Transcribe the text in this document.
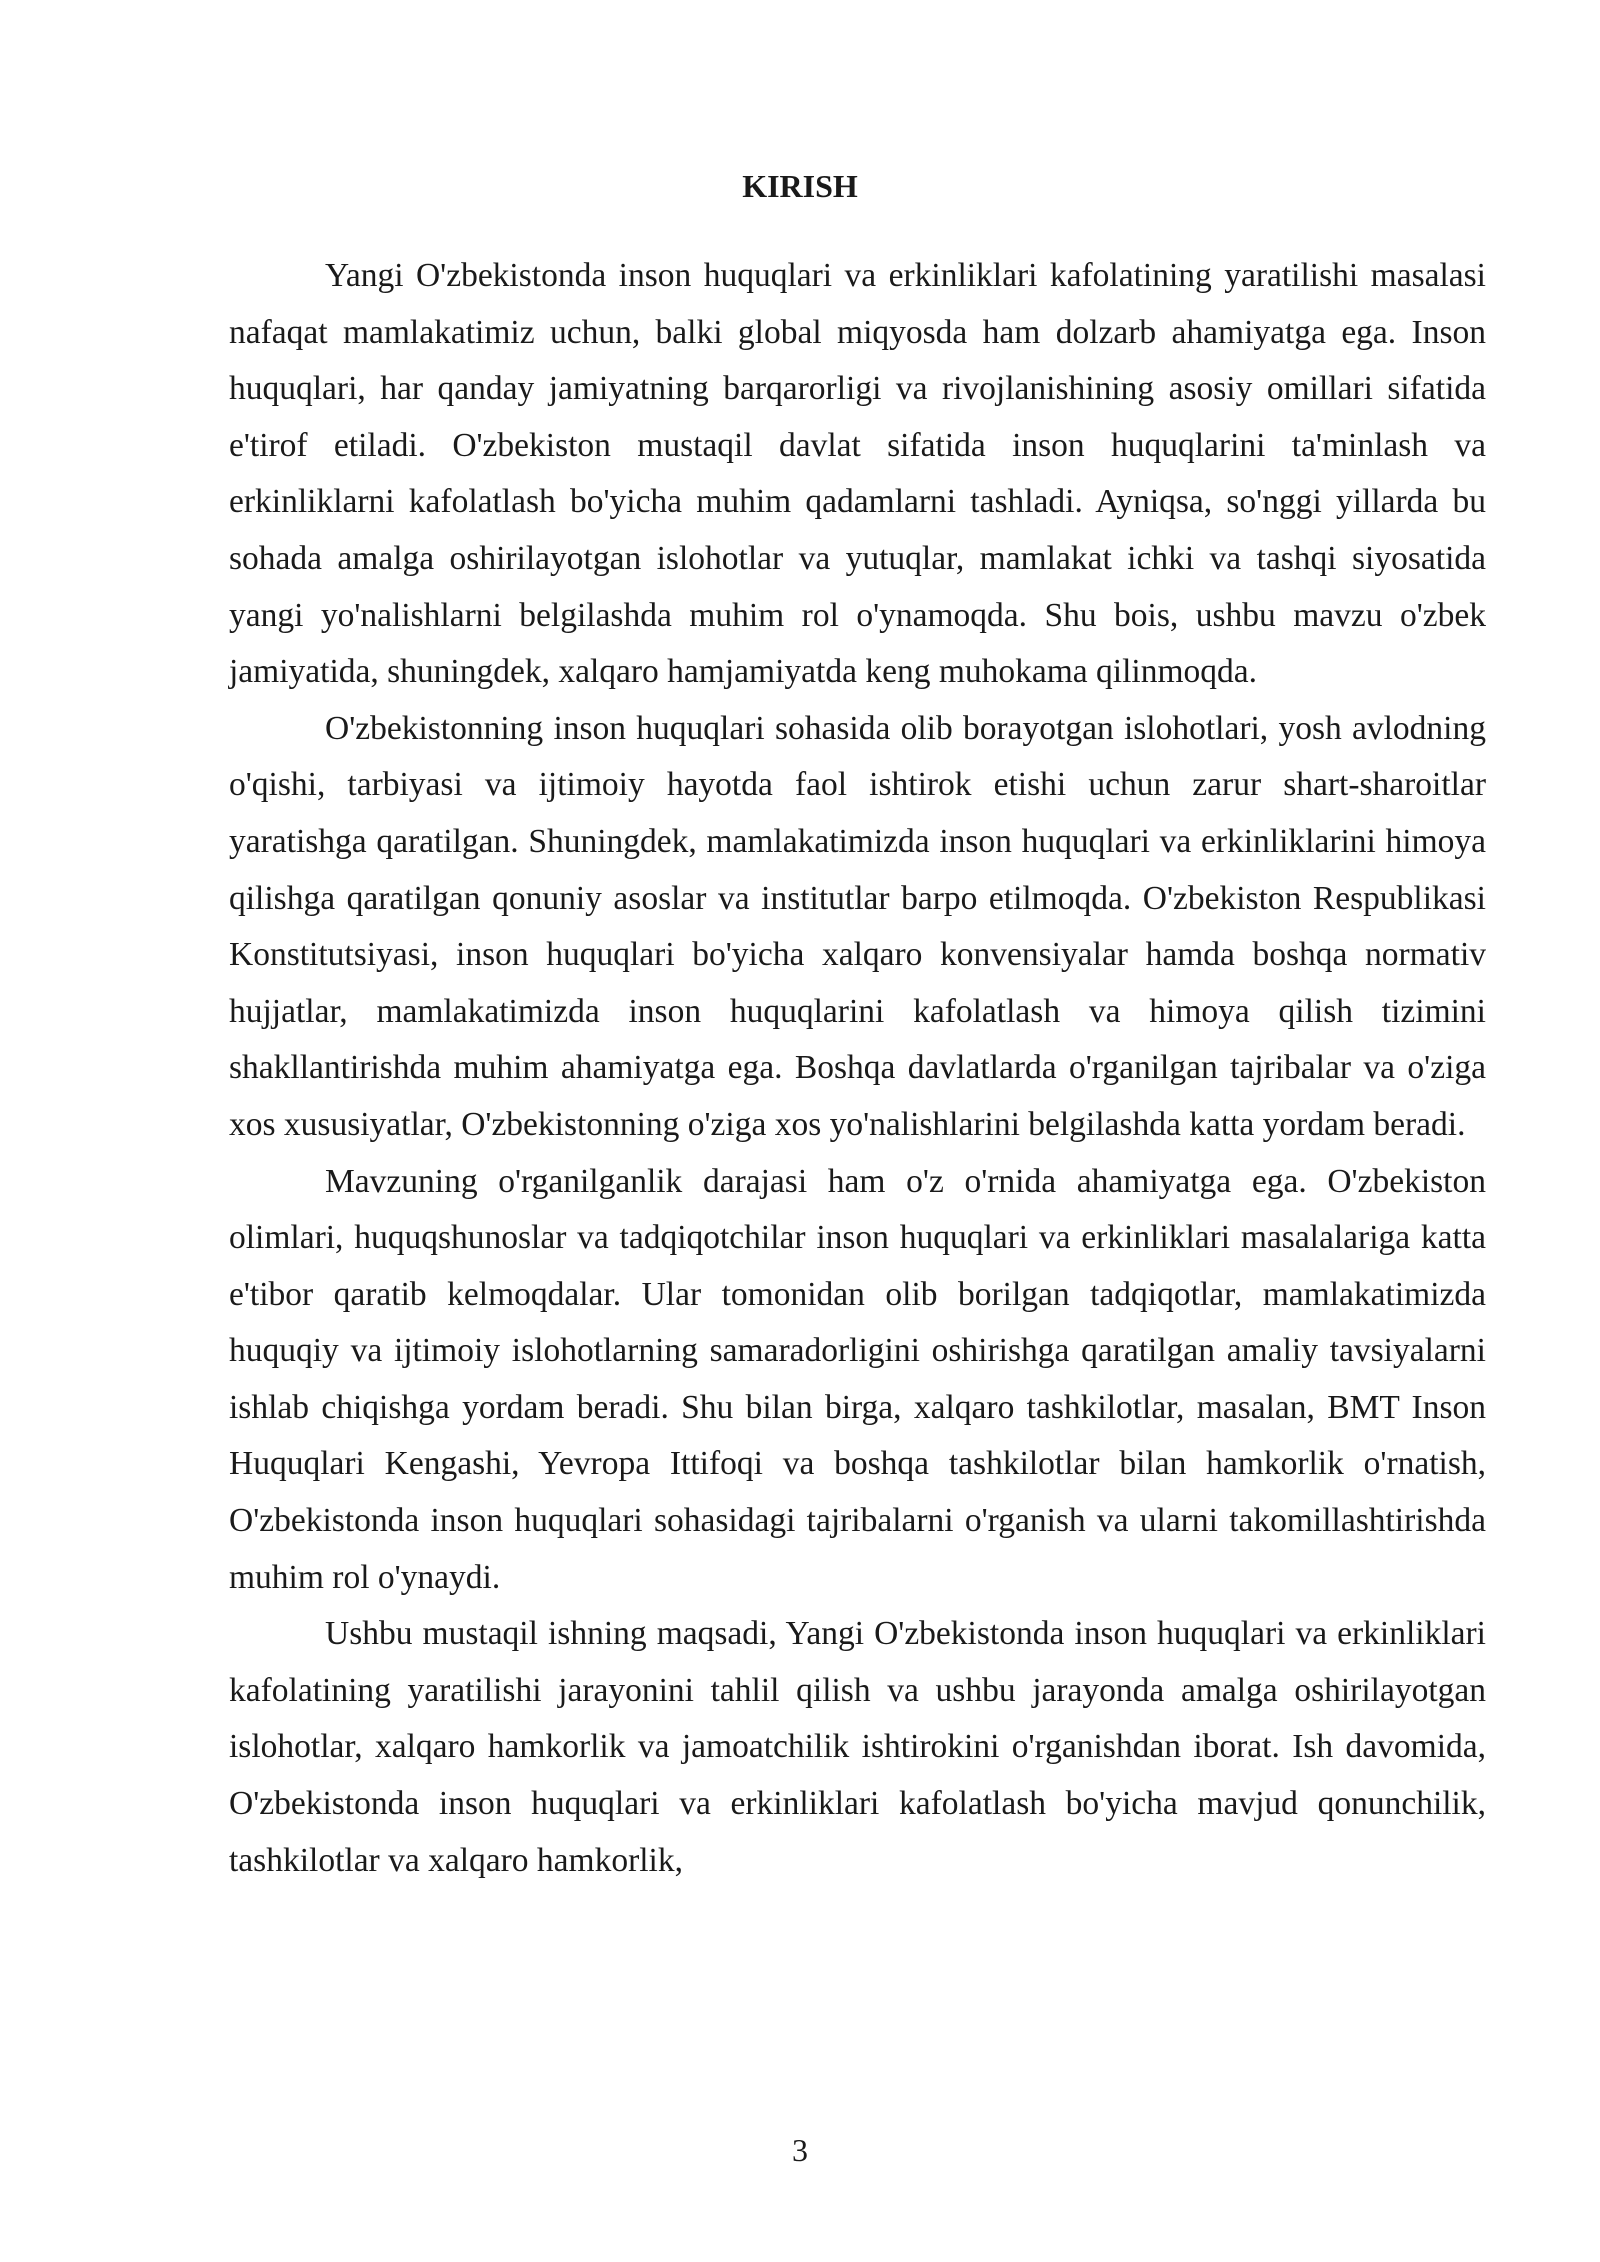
KIRISH

Yangi O'zbekistonda inson huquqlari va erkinliklari kafolatining yaratilishi masalasi nafaqat mamlakatimiz uchun, balki global miqyosda ham dolzarb ahamiyatga ega. Inson huquqlari, har qanday jamiyatning barqarorligi va rivojlanishining asosiy omillari sifatida e'tirof etiladi. O'zbekiston mustaqil davlat sifatida inson huquqlarini ta'minlash va erkinliklarni kafolatlash bo'yicha muhim qadamlarni tashladi. Ayniqsa, so'nggi yillarda bu sohada amalga oshirilayotgan islohotlar va yutuqlar, mamlakat ichki va tashqi siyosatida yangi yo'nalishlarni belgilashda muhim rol o'ynamoqda. Shu bois, ushbu mavzu o'zbek jamiyatida, shuningdek, xalqaro hamjamiyatda keng muhokama qilinmoqda.

O'zbekistonning inson huquqlari sohasida olib borayotgan islohotlari, yosh avlodning o'qishi, tarbiyasi va ijtimoiy hayotda faol ishtirok etishi uchun zarur shart-sharoitlar yaratishga qaratilgan. Shuningdek, mamlakatimizda inson huquqlari va erkinliklarini himoya qilishga qaratilgan qonuniy asoslar va institutlar barpo etilmoqda. O'zbekiston Respublikasi Konstitutsiyasi, inson huquqlari bo'yicha xalqaro konvensiyalar hamda boshqa normativ hujjatlar, mamlakatimizda inson huquqlarini kafolatlash va himoya qilish tizimini shakllantirishda muhim ahamiyatga ega. Boshqa davlatlarda o'rganilgan tajribalar va o'ziga xos xususiyatlar, O'zbekistonning o'ziga xos yo'nalishlarini belgilashda katta yordam beradi.

Mavzuning o'rganilganlik darajasi ham o'z o'rnida ahamiyatga ega. O'zbekiston olimlari, huquqshunoslar va tadqiqotchilar inson huquqlari va erkinliklari masalalariga katta e'tibor qaratib kelmoqdalar. Ular tomonidan olib borilgan tadqiqotlar, mamlakatimizda huquqiy va ijtimoiy islohotlarning samaradorligini oshirishga qaratilgan amaliy tavsiyalarni ishlab chiqishga yordam beradi. Shu bilan birga, xalqaro tashkilotlar, masalan, BMT Inson Huquqlari Kengashi, Yevropa Ittifoqi va boshqa tashkilotlar bilan hamkorlik o'rnatish, O'zbekistonda inson huquqlari sohasidagi tajribalarni o'rganish va ularni takomillashtirishda muhim rol o'ynaydi.

Ushbu mustaqil ishning maqsadi, Yangi O'zbekistonda inson huquqlari va erkinliklari kafolatining yaratilishi jarayonini tahlil qilish va ushbu jarayonda amalga oshirilayotgan islohotlar, xalqaro hamkorlik va jamoatchilik ishtirokini o'rganishdan iborat. Ish davomida, O'zbekistonda inson huquqlari va erkinliklari kafolatlash bo'yicha mavjud qonunchilik, tashkilotlar va xalqaro hamkorlik,

3
